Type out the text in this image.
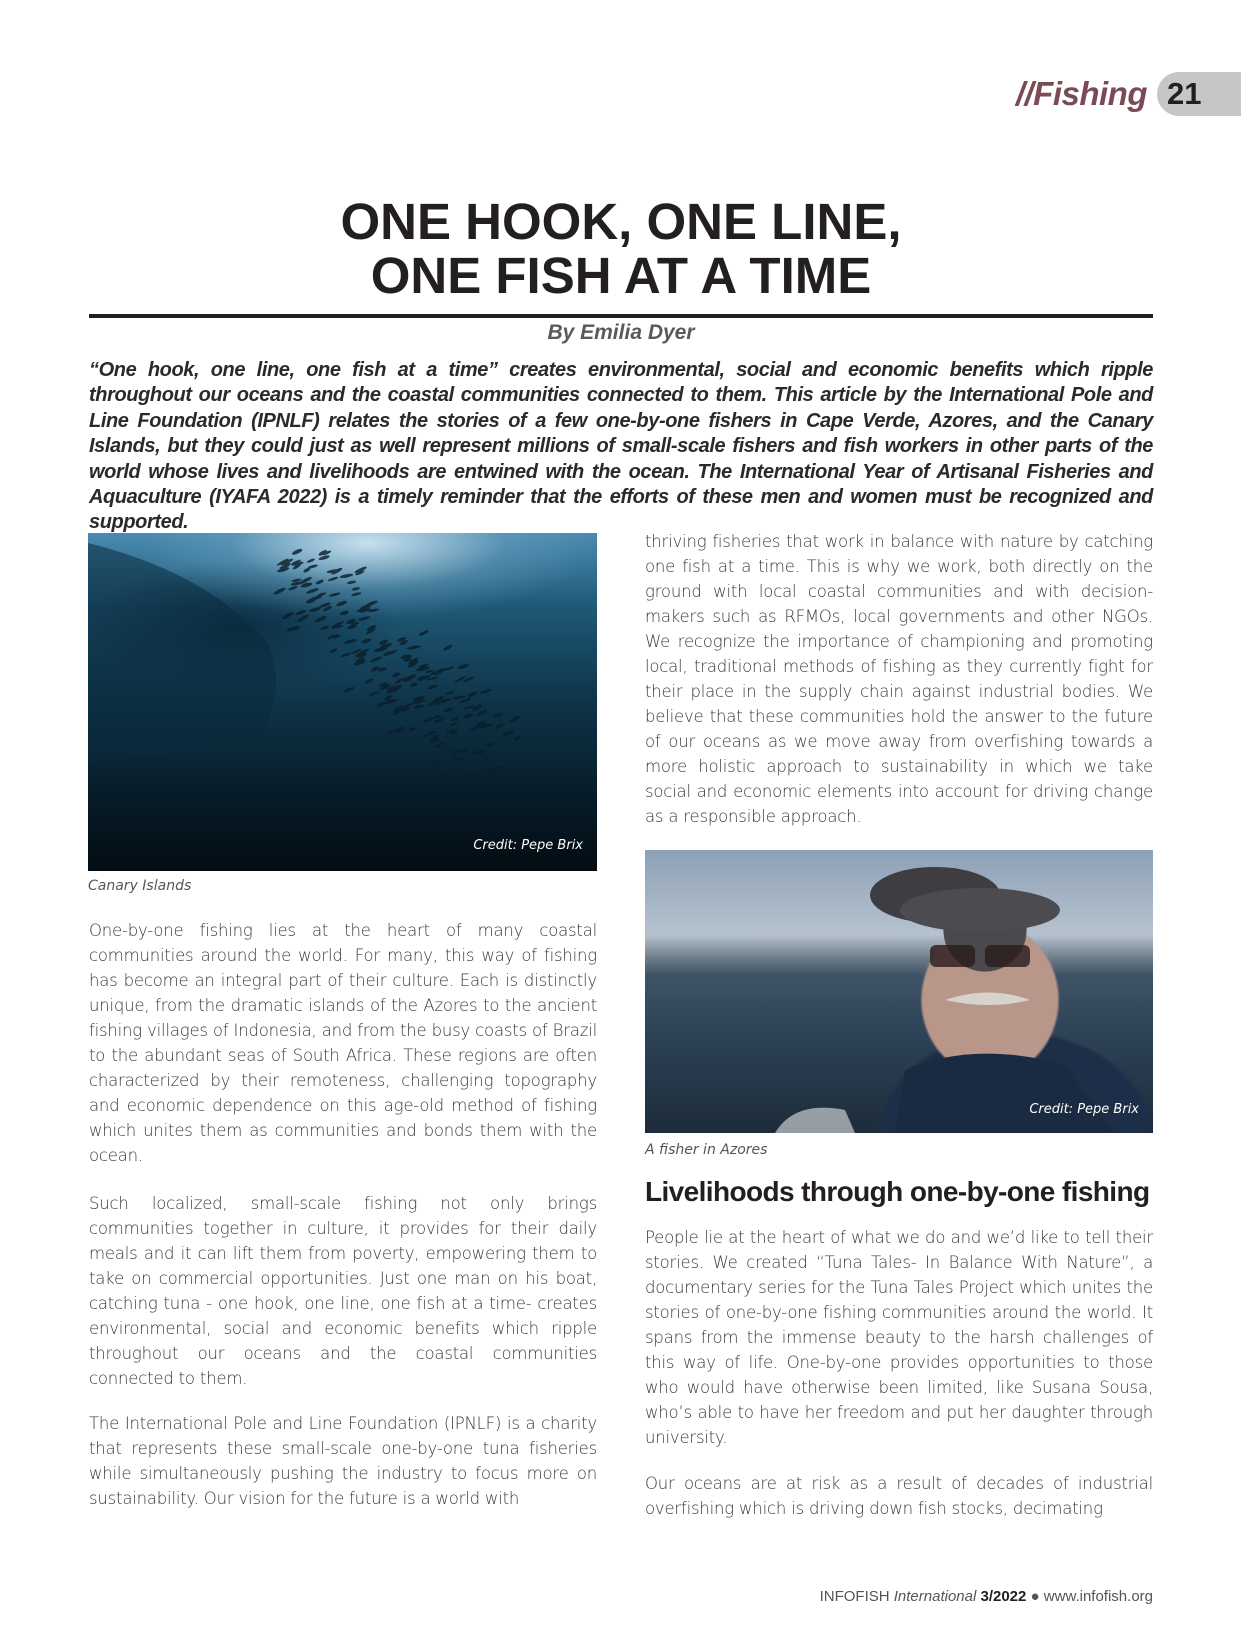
//Fishing 21
ONE HOOK, ONE LINE,
ONE FISH AT A TIME
By Emilia Dyer

“One hook, one line, one fish at a time” creates environmental, social and economic benefits which ripple throughout our oceans and the coastal communities connected to them. This article by the International Pole and Line Foundation (IPNLF) relates the stories of a few one-by-one fishers in Cape Verde, Azores, and the Canary Islands, but they could just as well represent millions of small-scale fishers and fish workers in other parts of the world whose lives and livelihoods are entwined with the ocean. The International Year of Artisanal Fisheries and Aquaculture (IYAFA 2022) is a timely reminder that the efforts of these men and women must be recognized and supported.

Credit: Pepe Brix
Canary Islands
Credit: Pepe Brix
A fisher in Azores

One-by-one fishing lies at the heart of many coastal communities around the world. For many, this way of fishing has become an integral part of their culture. Each is distinctly unique, from the dramatic islands of the Azores to the ancient fishing villages of Indonesia, and from the busy coasts of Brazil to the abundant seas of South Africa. These regions are often characterized by their remoteness, challenging topography and economic dependence on this age-old method of fishing which unites them as communities and bonds them with the ocean.

Such localized, small-scale fishing not only brings communities together in culture, it provides for their daily meals and it can lift them from poverty, empowering them to take on commercial opportunities. Just one man on his boat, catching tuna - one hook, one line, one fish at a time- creates environmental, social and economic benefits which ripple throughout our oceans and the coastal communities connected to them.

The International Pole and Line Foundation (IPNLF) is a charity that represents these small-scale one-by-one tuna fisheries while simultaneously pushing the industry to focus more on sustainability. Our vision for the future is a world with

thriving fisheries that work in balance with nature by catching one fish at a time. This is why we work, both directly on the ground with local coastal communities and with decision-makers such as RFMOs, local governments and other NGOs. We recognize the importance of championing and promoting local, traditional methods of fishing as they currently fight for their place in the supply chain against industrial bodies. We believe that these communities hold the answer to the future of our oceans as we move away from overfishing towards a more holistic approach to sustainability in which we take social and economic elements into account for driving change as a responsible approach.

Livelihoods through one-by-one fishing

People lie at the heart of what we do and we’d like to tell their stories. We created “Tuna Tales- In Balance With Nature”, a documentary series for the Tuna Tales Project which unites the stories of one-by-one fishing communities around the world. It spans from the immense beauty to the harsh challenges of this way of life. One-by-one provides opportunities to those who would have otherwise been limited, like Susana Sousa, who’s able to have her freedom and put her daughter through university.

Our oceans are at risk as a result of decades of industrial overfishing which is driving down fish stocks, decimating

INFOFISH International 3/2022 ● www.infofish.org
